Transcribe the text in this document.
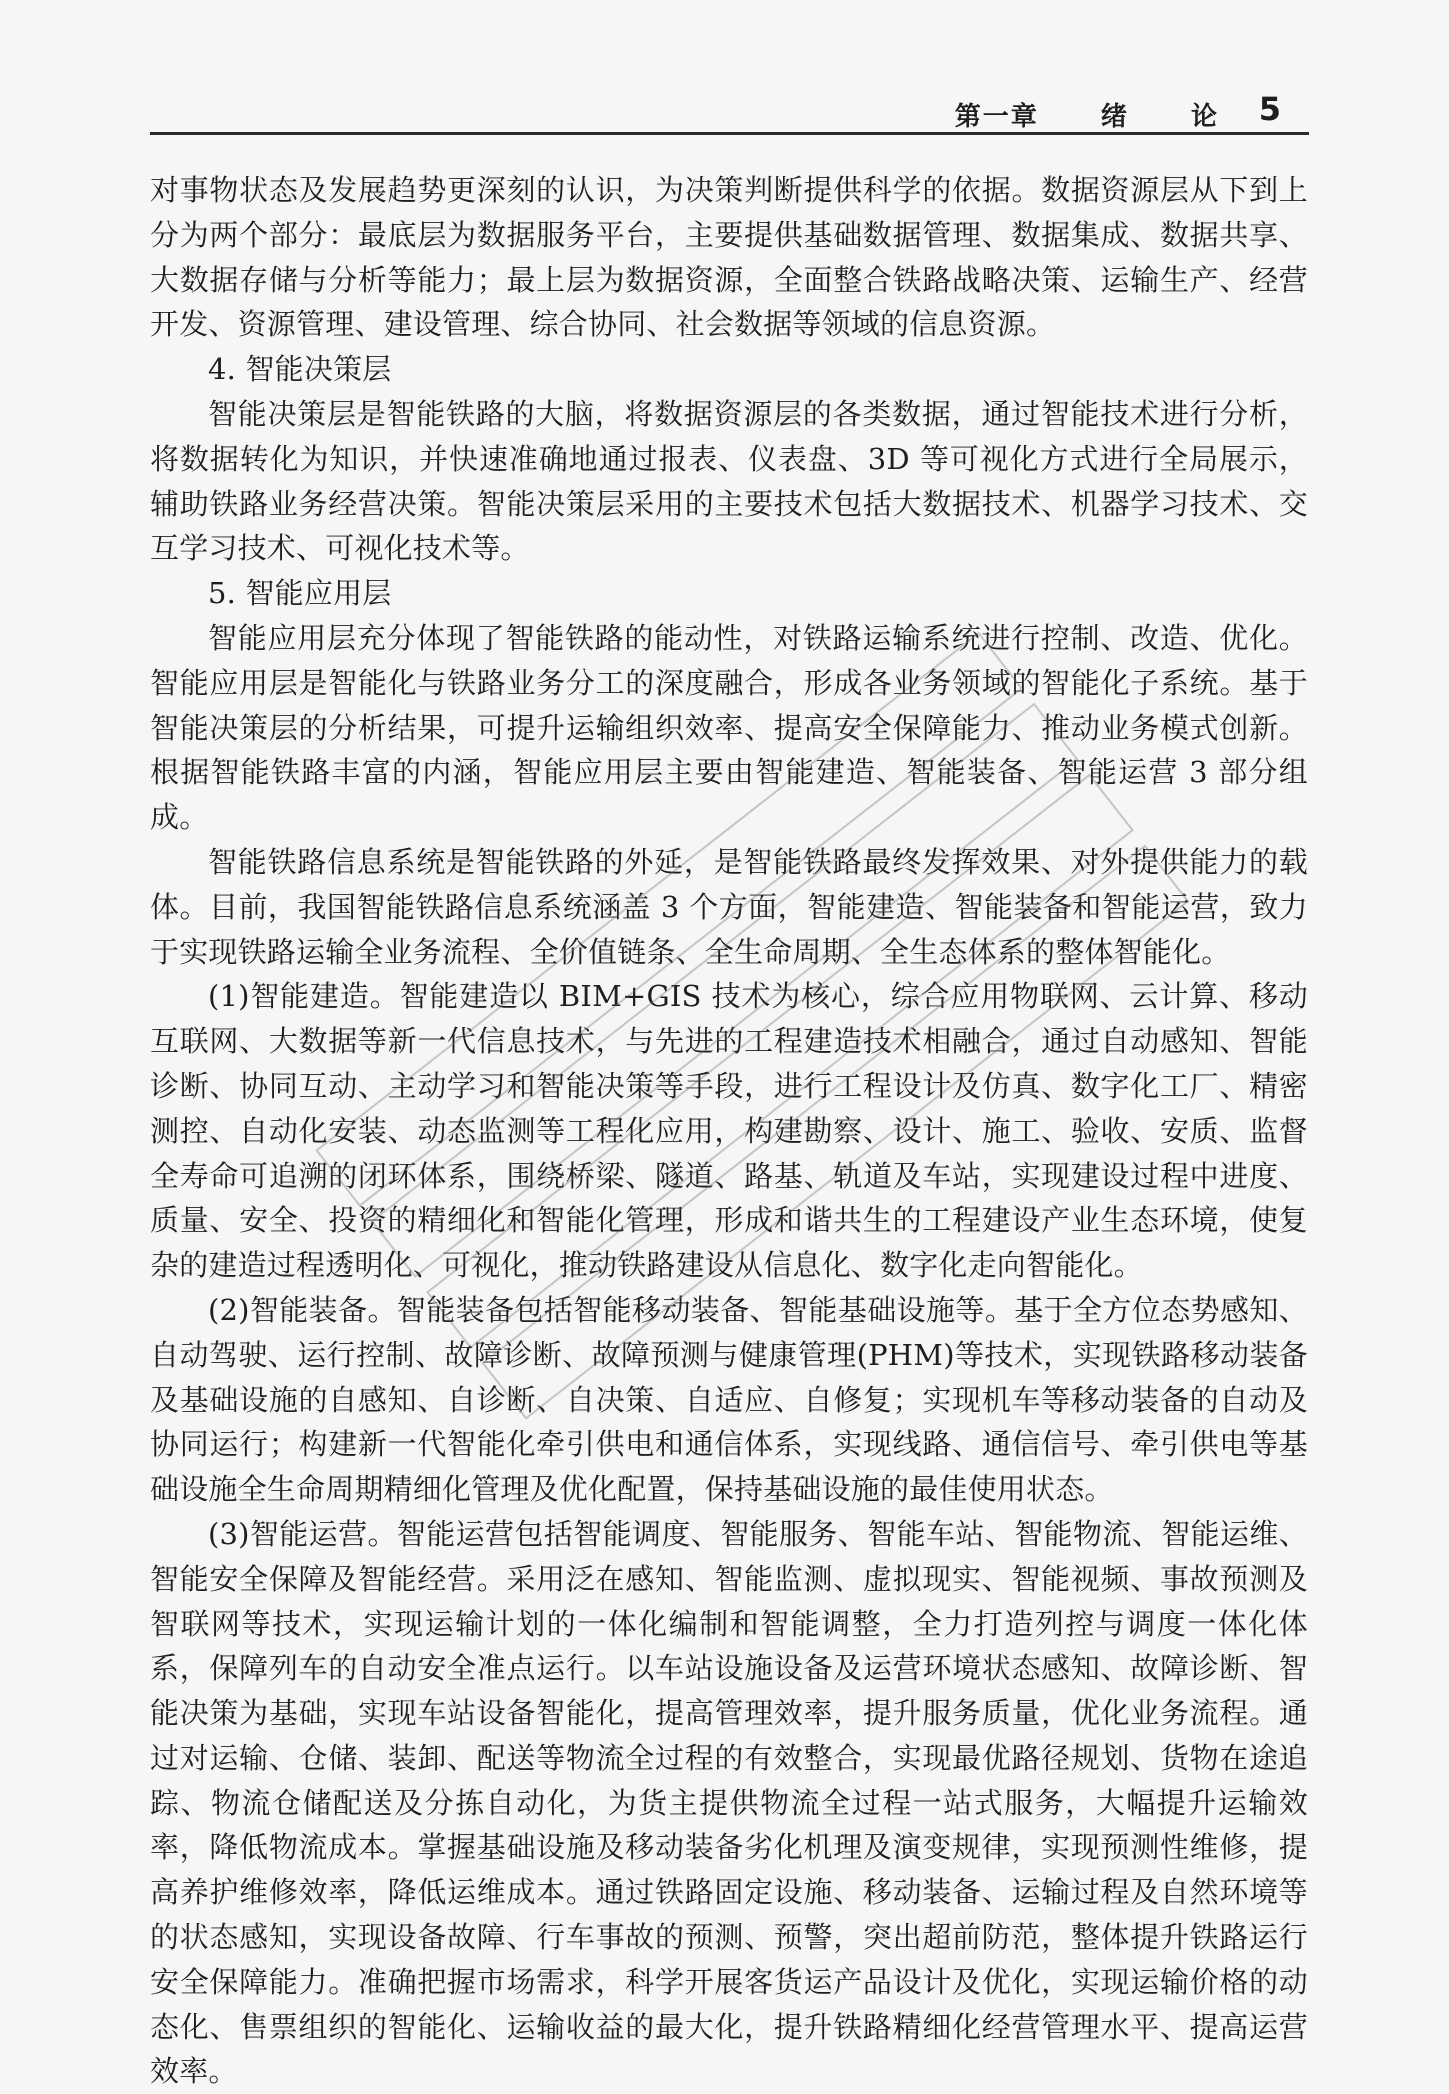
第一章 绪 论 5

对事物状态及发展趋势更深刻的认识，为决策判断提供科学的依据。数据资源层从下到上分为两个部分：最底层为数据服务平台，主要提供基础数据管理、数据集成、数据共享、大数据存储与分析等能力；最上层为数据资源，全面整合铁路战略决策、运输生产、经营开发、资源管理、建设管理、综合协同、社会数据等领域的信息资源。

4. 智能决策层

智能决策层是智能铁路的大脑，将数据资源层的各类数据，通过智能技术进行分析，将数据转化为知识，并快速准确地通过报表、仪表盘、3D 等可视化方式进行全局展示，辅助铁路业务经营决策。智能决策层采用的主要技术包括大数据技术、机器学习技术、交互学习技术、可视化技术等。

5. 智能应用层

智能应用层充分体现了智能铁路的能动性，对铁路运输系统进行控制、改造、优化。智能应用层是智能化与铁路业务分工的深度融合，形成各业务领域的智能化子系统。基于智能决策层的分析结果，可提升运输组织效率、提高安全保障能力、推动业务模式创新。根据智能铁路丰富的内涵，智能应用层主要由智能建造、智能装备、智能运营 3 部分组成。

智能铁路信息系统是智能铁路的外延，是智能铁路最终发挥效果、对外提供能力的载体。目前，我国智能铁路信息系统涵盖 3 个方面，智能建造、智能装备和智能运营，致力于实现铁路运输全业务流程、全价值链条、全生命周期、全生态体系的整体智能化。

(1)智能建造。智能建造以 BIM+GIS 技术为核心，综合应用物联网、云计算、移动互联网、大数据等新一代信息技术，与先进的工程建造技术相融合，通过自动感知、智能诊断、协同互动、主动学习和智能决策等手段，进行工程设计及仿真、数字化工厂、精密测控、自动化安装、动态监测等工程化应用，构建勘察、设计、施工、验收、安质、监督全寿命可追溯的闭环体系，围绕桥梁、隧道、路基、轨道及车站，实现建设过程中进度、质量、安全、投资的精细化和智能化管理，形成和谐共生的工程建设产业生态环境，使复杂的建造过程透明化、可视化，推动铁路建设从信息化、数字化走向智能化。

(2)智能装备。智能装备包括智能移动装备、智能基础设施等。基于全方位态势感知、自动驾驶、运行控制、故障诊断、故障预测与健康管理(PHM)等技术，实现铁路移动装备及基础设施的自感知、自诊断、自决策、自适应、自修复；实现机车等移动装备的自动及协同运行；构建新一代智能化牵引供电和通信体系，实现线路、通信信号、牵引供电等基础设施全生命周期精细化管理及优化配置，保持基础设施的最佳使用状态。

(3)智能运营。智能运营包括智能调度、智能服务、智能车站、智能物流、智能运维、智能安全保障及智能经营。采用泛在感知、智能监测、虚拟现实、智能视频、事故预测及智联网等技术，实现运输计划的一体化编制和智能调整，全力打造列控与调度一体化体系，保障列车的自动安全准点运行。以车站设施设备及运营环境状态感知、故障诊断、智能决策为基础，实现车站设备智能化，提高管理效率，提升服务质量，优化业务流程。通过对运输、仓储、装卸、配送等物流全过程的有效整合，实现最优路径规划、货物在途追踪、物流仓储配送及分拣自动化，为货主提供物流全过程一站式服务，大幅提升运输效率，降低物流成本。掌握基础设施及移动装备劣化机理及演变规律，实现预测性维修，提高养护维修效率，降低运维成本。通过铁路固定设施、移动装备、运输过程及自然环境等的状态感知，实现设备故障、行车事故的预测、预警，突出超前防范，整体提升铁路运行安全保障能力。准确把握市场需求，科学开展客货运产品设计及优化，实现运输价格的动态化、售票组织的智能化、运输收益的最大化，提升铁路精细化经营管理水平、提高运营效率。
